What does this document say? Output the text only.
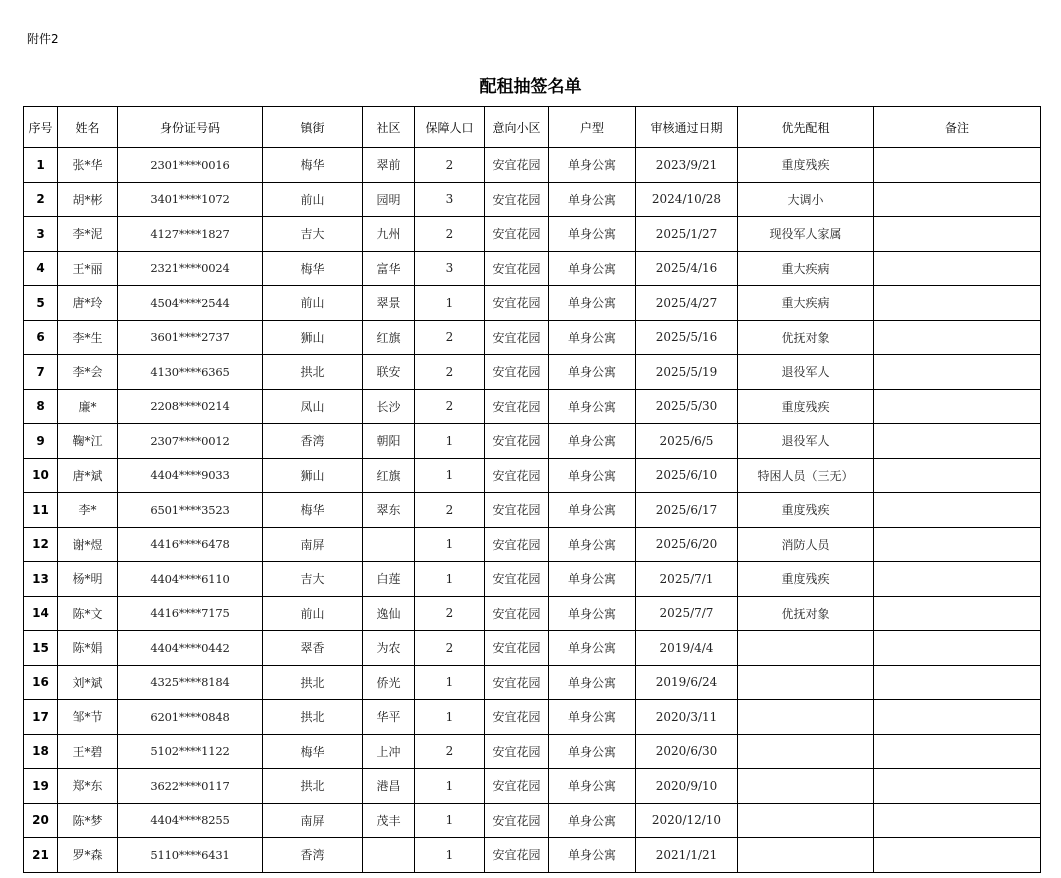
附件2
配租抽签名单
序号	姓名	身份证号码	镇街	社区	保障人口	意向小区	户型	审核通过日期	优先配租	备注
1	张*华	2301****0016	梅华	翠前	2	安宜花园	单身公寓	2023/9/21	重度残疾	
2	胡*彬	3401****1072	前山	园明	3	安宜花园	单身公寓	2024/10/28	大调小	
3	李*泥	4127****1827	吉大	九州	2	安宜花园	单身公寓	2025/1/27	现役军人家属	
4	王*丽	2321****0024	梅华	富华	3	安宜花园	单身公寓	2025/4/16	重大疾病	
5	唐*玲	4504****2544	前山	翠景	1	安宜花园	单身公寓	2025/4/27	重大疾病	
6	李*生	3601****2737	狮山	红旗	2	安宜花园	单身公寓	2025/5/16	优抚对象	
7	李*会	4130****6365	拱北	联安	2	安宜花园	单身公寓	2025/5/19	退役军人	
8	廉*	2208****0214	凤山	长沙	2	安宜花园	单身公寓	2025/5/30	重度残疾	
9	鞠*江	2307****0012	香湾	朝阳	1	安宜花园	单身公寓	2025/6/5	退役军人	
10	唐*斌	4404****9033	狮山	红旗	1	安宜花园	单身公寓	2025/6/10	特困人员（三无）	
11	李*	6501****3523	梅华	翠东	2	安宜花园	单身公寓	2025/6/17	重度残疾	
12	谢*煜	4416****6478	南屏		1	安宜花园	单身公寓	2025/6/20	消防人员	
13	杨*明	4404****6110	吉大	白莲	1	安宜花园	单身公寓	2025/7/1	重度残疾	
14	陈*文	4416****7175	前山	逸仙	2	安宜花园	单身公寓	2025/7/7	优抚对象	
15	陈*娟	4404****0442	翠香	为农	2	安宜花园	单身公寓	2019/4/4		
16	刘*斌	4325****8184	拱北	侨光	1	安宜花园	单身公寓	2019/6/24		
17	邹*节	6201****0848	拱北	华平	1	安宜花园	单身公寓	2020/3/11		
18	王*碧	5102****1122	梅华	上冲	2	安宜花园	单身公寓	2020/6/30		
19	郑*东	3622****0117	拱北	港昌	1	安宜花园	单身公寓	2020/9/10		
20	陈*梦	4404****8255	南屏	茂丰	1	安宜花园	单身公寓	2020/12/10		
21	罗*森	5110****6431	香湾		1	安宜花园	单身公寓	2021/1/21		
